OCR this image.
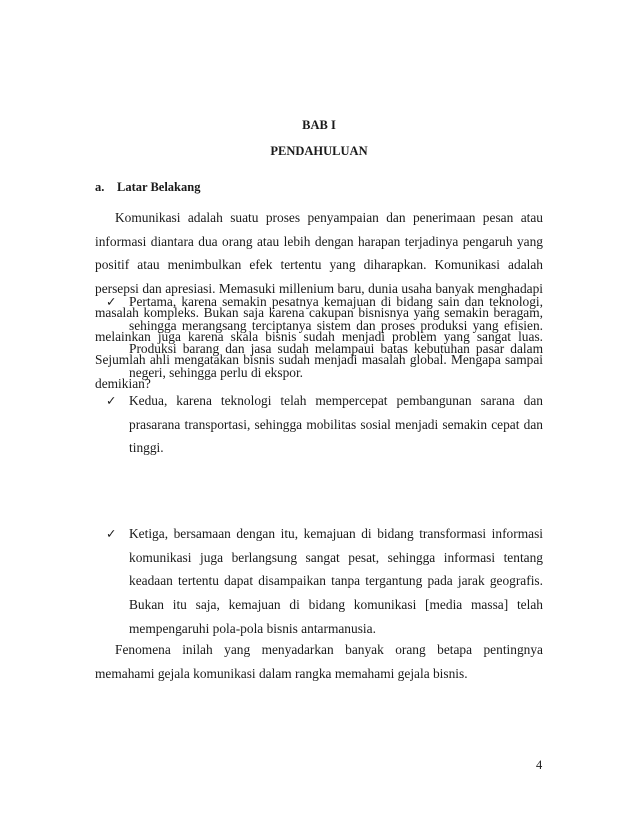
BAB I
PENDAHULUAN
a. Latar Belakang

Komunikasi adalah suatu proses penyampaian dan penerimaan pesan atau informasi diantara dua orang atau lebih dengan harapan terjadinya pengaruh yang positif atau menimbulkan efek tertentu yang diharapkan. Komunikasi adalah persepsi dan apresiasi. Memasuki millenium baru, dunia usaha banyak menghadapi masalah kompleks. Bukan saja karena cakupan bisnisnya yang semakin beragam, melainkan juga karena skala bisnis sudah menjadi problem yang sangat luas. Sejumlah ahli mengatakan bisnis sudah menjadi masalah global. Mengapa sampai demikian?

✓ Pertama, karena semakin pesatnya kemajuan di bidang sain dan teknologi, sehingga merangsang terciptanya sistem dan proses produksi yang efisien. Produksi barang dan jasa sudah melampaui batas kebutuhan pasar dalam negeri, sehingga perlu di ekspor.
✓ Kedua, karena teknologi telah mempercepat pembangunan sarana dan prasarana transportasi, sehingga mobilitas sosial menjadi semakin cepat dan tinggi.
✓ Ketiga, bersamaan dengan itu, kemajuan di bidang transformasi informasi komunikasi juga berlangsung sangat pesat, sehingga informasi tentang keadaan tertentu dapat disampaikan tanpa tergantung pada jarak geografis. Bukan itu saja, kemajuan di bidang komunikasi [media massa] telah mempengaruhi pola-pola bisnis antarmanusia.

Fenomena inilah yang menyadarkan banyak orang betapa pentingnya memahami gejala komunikasi dalam rangka memahami gejala bisnis.

4
